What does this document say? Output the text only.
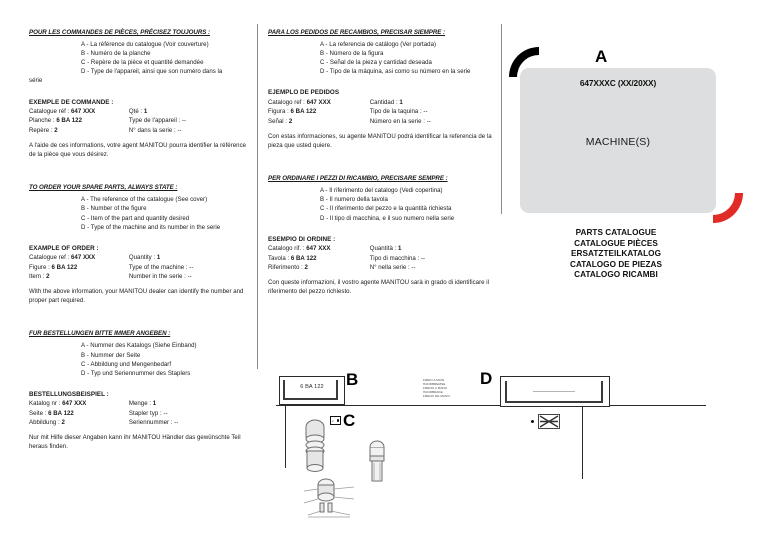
POUR LES COMMANDES DE PIÈCES, PRÉCISEZ TOUJOURS :
A - La référence du catalogue (Voir couverture)
B - Numéro de la planche
C - Repère de la pièce et quantité demandée
D - Type de l'appareil, ainsi que son numéro dans la
série
EXEMPLE DE COMMANDE :
Catalogue réf : 647 XXX	Qté : 1
Planche : 6 BA 122	Type de l'appareil : --
Repère : 2	N° dans la serie : --
A l'aide de ces informations, votre agent MANITOU pourra identifier la référence de la pièce que vous désirez.
TO ORDER YOUR SPARE PARTS, ALWAYS STATE :
A - The reference of the catalogue (See cover)
B - Number of the figure
C - Item of the part and quantity desired
D - Type of the machine and its number in the serie
EXAMPLE OF ORDER :
Catalogue ref : 647 XXX	Quantity : 1
Figure : 6 BA 122	Type of the machine : --
Item : 2	Number in the serie : --
With the above information, your MANITOU dealer can identify the number and proper part required.
FUR BESTELLUNGEN BITTE IMMER ANGEBEN :
A - Nummer des Katalogs (Siehe Einband)
B - Nummer der Seite
C - Abbildung und Mengenbedarf
D - Typ und Seriennummer des Staplers
BESTELLUNGSBEISPIEL :
Katalog nr : 647 XXX	Menge : 1
Seite : 6 BA 122	Stapler typ : --
Abbildung : 2	Seriennummer : --
Nur mit Hilfe dieser Angaben kann ihr MANITOU Händler das gewünschte Teil heraus finden.
PARA LOS PEDIDOS DE RECAMBIOS, PRECISAR SIEMPRE :
A - La referencia de catálogo (Ver portada)
B - Número de la figura
C - Señal de la pieza y cantidad deseada
D - Tipo de la máquina, asi como su número en la serie
EJEMPLO DE PEDIDOS
Catalogo ref : 647 XXX	Cantidad : 1
Figura : 6 BA 122	Tipo de la taquina : --
Señal : 2	Número en la serie : --
Con estas informaciones, su agente MANITOU podrá identificar la referencia de la pieza que usted quiere.
PER ORDINARE I PEZZI DI RICAMBIO, PRECISARE SEMPRE :
A - Il riferimento del catalogo (Vedi copertina)
B - Il numero della tavola
C - Il riferimento del pezzo e la quantità richiesta
D - Il tipo di macchina, e il suo numero nella serie
ESEMPIO DI ORDINE :
Catalogo rif. : 647 XXX	Quantità : 1
Tavola : 6 BA 122	Tipo di macchina : --
Riferimento : 2	N° nella serie : --
Con queste informazioni, il vostro agente MANITOU sarà in grado di identificare il riferimento del pezzo richiesto.
A
647XXXC (XX/20XX)
MACHINE(S)
PARTS CATALOGUE
CATALOGUE PIÈCES
ERSATZTEILKATALOG
CATALOGO DE PIEZAS
CATALOGO RICAMBI
6 BA 122	B	FREIN A MAIN
HANDBREMSE
FRENO A MANO
HANDBRAKE
FRENO DE MANO
D
2 C
